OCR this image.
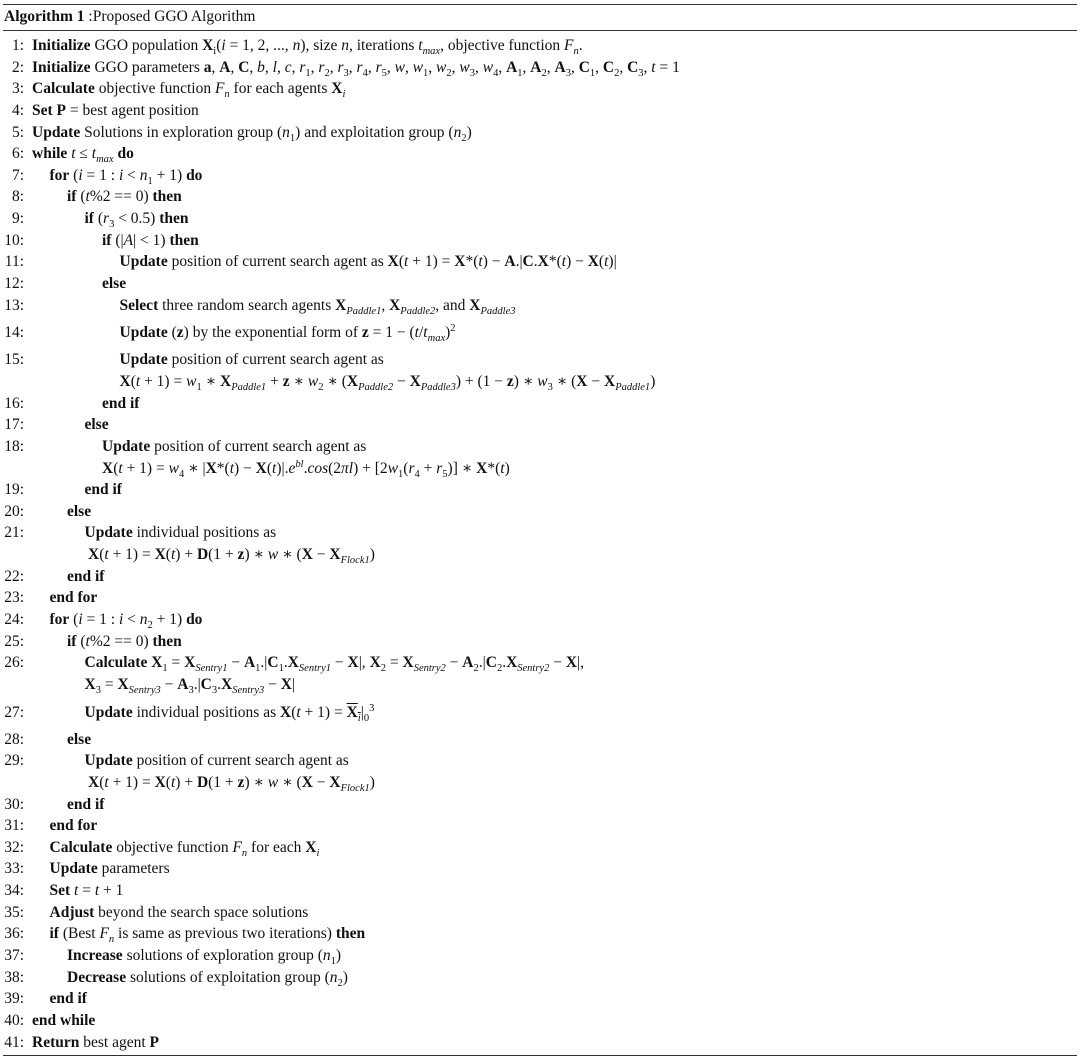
Algorithm 1 :Proposed GGO Algorithm
1: Initialize GGO population $X_i(i = 1$, 2, ..., n), size n, iterations $t_{max}$, objective function $F_n$.
2: Initialize GGO parameters a, A, C, b, l, c, $r_1$, $r_2$, $r_3$, $r_4$, $r_5$, w, $w_1$, $w_2$, $w_3$, $w_4$, $A_1$, $A_2$, $A_3$, $C_1$, $C_2$, $C_3$, t = 1
3: Calculate objective function $F_n$ for each agents $X_i$
4: Set P = best agent position
5: Update Solutions in exploration group $(n_1)$ and exploitation group $(n_2)$
6: while $t \le t_{max}$ do
7: for (i = 1 : $i < n_1 + 1$) do
8:	if (t%2 == 0) then
9:	if $(r_3 < 0.5)$ then
10:	if (|A| < 1) then
11:	Update position of current search agent as X(t + 1) = X*(t) − A.|C.X*(t) − X(t)|
12:	else
13:	Select three random search agents $X_{Paddle1}$, $X_{Paddle2}$, and $X_{Paddle3}$
14:	Update (z) by the exponential form of $z = 1 - (t/t_{max})^2$
15:	Update position of current search agent as
$X(t + 1) = w_1$ ∗ $X_{Paddle1} + z$ ∗ $w_2$ ∗ $(X_{Paddle2} - X_{Paddle3}) + (1 - z)$ ∗ $w_3$ ∗ $(X - X_{Paddle1})$
16:	end if
17:	else
18:	Update position of current search agent as
$X(t + 1) = w_4$ ∗ $|X*(t) - X(t)|.e^{bl}.\cos(2\pi l) + [2w_1(r_4 + r_5)]$ ∗ X*(t)
19:	end if
20:	else
21:	Update individual positions as
X(t + 1) = X(t) + D(1 + z) ∗ w ∗ $(X - X_{Flock1})$
22:	end if
23: end for
24: for (i = 1 : $i < n_2 + 1$) do
25:	if (t%2 == 0) then
26:	Calculate $X_1 = X_{Sentry1} - A_1.|C_1.X_{Sentry1} - X|$, $X_2 = X_{Sentry2} - A_2.|C_2.X_{Sentry2} - X|$,
$X_3 = X_{Sentry3} - A_3.|C_3.X_{Sentry3} - X|$
27:	Update individual positions as $X(t + 1) = X_i|_0^3$
28:	else
29:	Update position of current search agent as
X(t + 1) = X(t) + D(1 + z) ∗ w ∗ $(X - X_{Flock1})$
30:	end if
31: end for
32: Calculate objective function $F_n$ for each $X_i$
33: Update parameters
34: Set t = t + 1
35: Adjust beyond the search space solutions
36: if (Best $F_n$ is same as previous two iterations) then
37:	Increase solutions of exploration group $(n_1)$
38:	Decrease solutions of exploitation group $(n_2)$
39: end if
40: end while
41: Return best agent P
